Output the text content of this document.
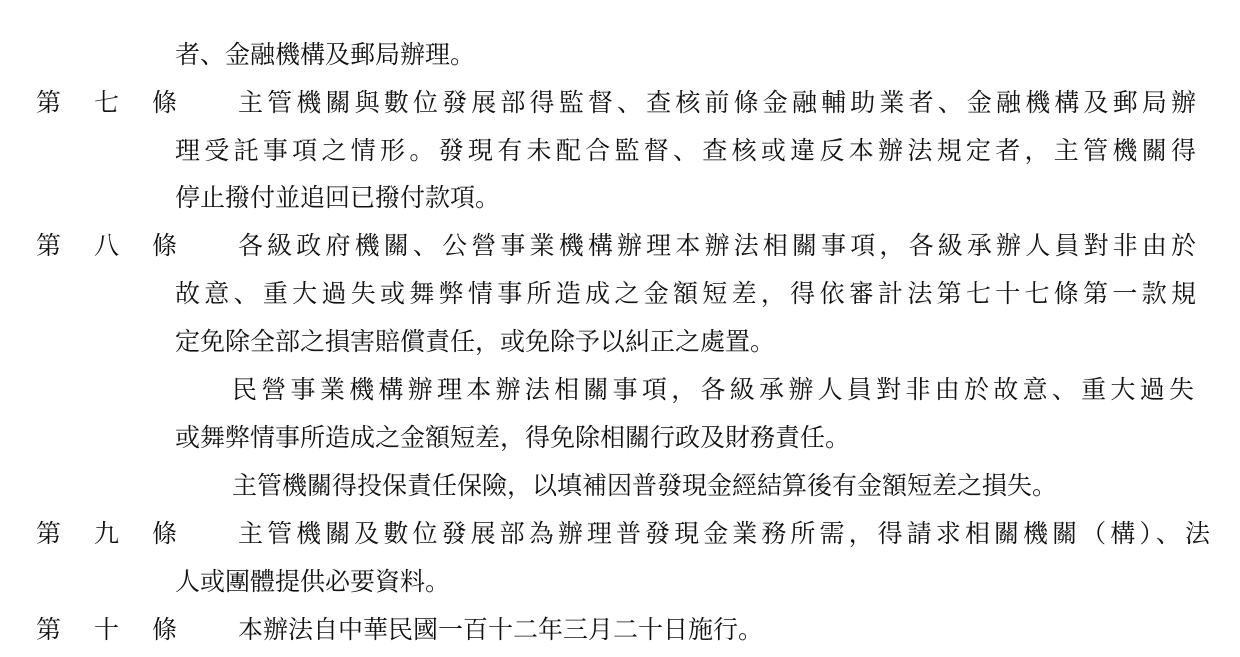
者、金融機構及郵局辦理。
第 七 條 主管機關與數位發展部得監督、查核前條金融輔助業者、金融機構及郵局辦
理受託事項之情形。發現有未配合監督、查核或違反本辦法規定者，主管機關得
停止撥付並追回已撥付款項。
第 八 條 各級政府機關、公營事業機構辦理本辦法相關事項，各級承辦人員對非由於
故意、重大過失或舞弊情事所造成之金額短差，得依審計法第七十七條第一款規
定免除全部之損害賠償責任，或免除予以糾正之處置。
民營事業機構辦理本辦法相關事項，各級承辦人員對非由於故意、重大過失
或舞弊情事所造成之金額短差，得免除相關行政及財務責任。
主管機關得投保責任保險，以填補因普發現金經結算後有金額短差之損失。
第 九 條 主管機關及數位發展部為辦理普發現金業務所需，得請求相關機關（構）、法
人或團體提供必要資料。
第 十 條 本辦法自中華民國一百十二年三月二十日施行。
